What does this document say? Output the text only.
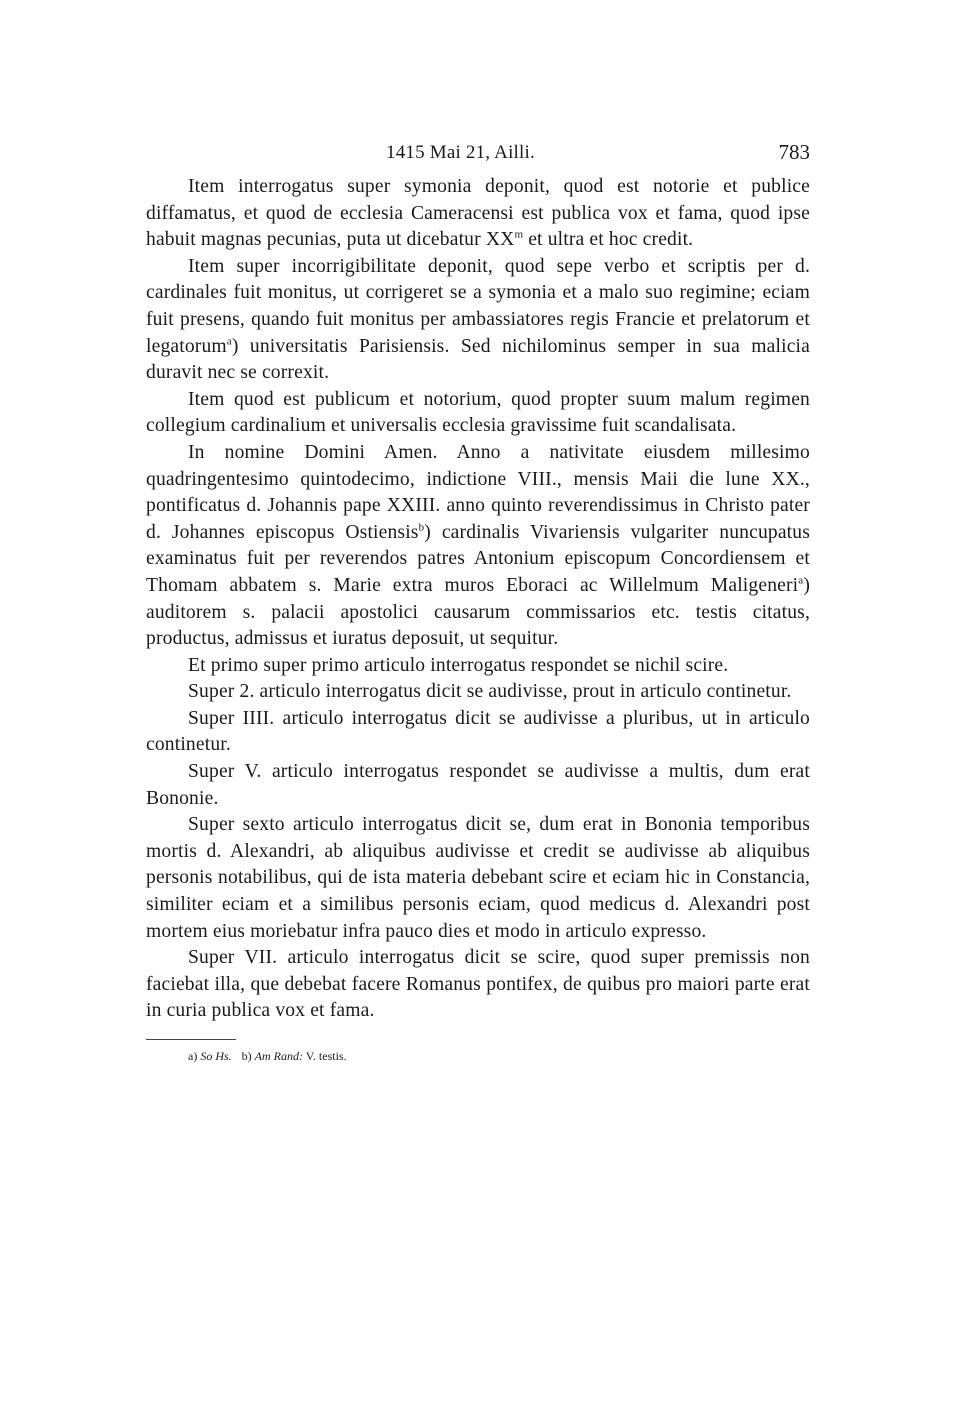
1415 Mai 21, Ailli.	783

Item interrogatus super symonia deponit, quod est notorie et publice diffamatus, et quod de ecclesia Cameracensi est publica vox et fama, quod ipse habuit magnas pecunias, puta ut dicebatur $XX^m$ et ultra et hoc credit.

Item super incorrigibilitate deponit, quod sepe verbo et scriptis per d. cardinales fuit monitus, ut corrigeret se a symonia et a malo suo regimine; eciam fuit presens, quando fuit monitus per ambassiatores regis Francie et prelatorum et legatorum$^a$) universitatis Parisiensis. Sed nichilominus semper in sua malicia duravit nec se correxit.

Item quod est publicum et notorium, quod propter suum malum regimen collegium cardinalium et universalis ecclesia gravissime fuit scandalisata.

In nomine Domini Amen. Anno a nativitate eiusdem millesimo quadringentesimo quintodecimo, indictione VIII., mensis Maii die lune XX., pontificatus d. Johannis pape XXIII. anno quinto reverendissimus in Christo pater d. Johannes episcopus Ostiensis$^b$) cardinalis Vivariensis vulgariter nuncupatus examinatus fuit per reverendos patres Antonium episcopum Concordiensem et Thomam abbatem s. Marie extra muros Eboraci ac Willelmum Maligeneri$^a$) auditorem s. palacii apostolici causarum commissarios etc. testis citatus, productus, admissus et iuratus deposuit, ut sequitur.

Et primo super primo articulo interrogatus respondet se nichil scire.

Super 2. articulo interrogatus dicit se audivisse, prout in articulo continetur.

Super IIII. articulo interrogatus dicit se audivisse a pluribus, ut in articulo continetur.

Super V. articulo interrogatus respondet se audivisse a multis, dum erat Bononie.

Super sexto articulo interrogatus dicit se, dum erat in Bononia temporibus mortis d. Alexandri, ab aliquibus audivisse et credit se audivisse ab aliquibus personis notabilibus, qui de ista materia debebant scire et eciam hic in Constancia, similiter eciam et a similibus personis eciam, quod medicus d. Alexandri post mortem eius moriebatur infra pauco dies et modo in articulo expresso.

Super VII. articulo interrogatus dicit se scire, quod super premissis non faciebat illa, que debebat facere Romanus pontifex, de quibus pro maiori parte erat in curia publica vox et fama.

a) So Hs. b) Am Rand: V. testis.
